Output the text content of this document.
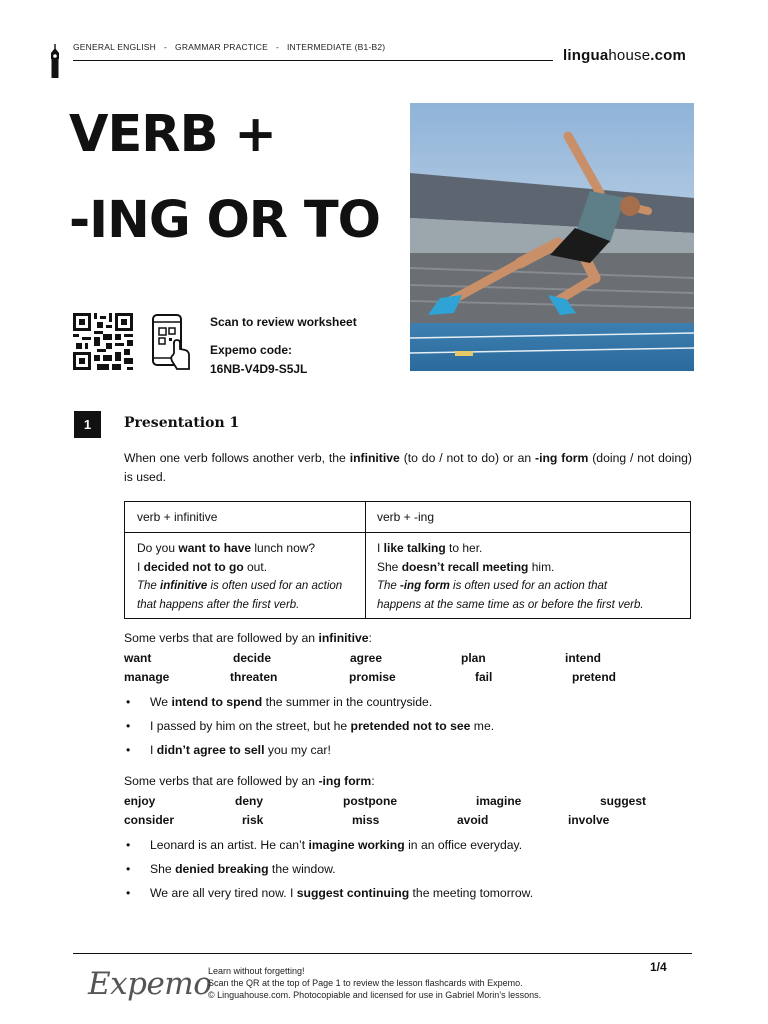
GENERAL ENGLISH - GRAMMAR PRACTICE - INTERMEDIATE (B1-B2)	linguahouse.com
VERB +
-ING OR TO
Scan to review worksheet
Expemo code:
16NB-V4D9-S5JL
1	Presentation 1
When one verb follows another verb, the infinitive (to do / not to do) or an -ing form (doing / not doing) is used.
verb + infinitive	verb + -ing
Do you want to have lunch now?
I decided not to go out.
The infinitive is often used for an action
that happens after the first verb.
I like talking to her.
She doesn’t recall meeting him.
The -ing form is often used for an action that
happens at the same time as or before the first verb.
Some verbs that are followed by an infinitive:
want	decide	agree	plan	intend
manage	threaten	promise	fail	pretend
• We intend to spend the summer in the countryside.
• I passed by him on the street, but he pretended not to see me.
• I didn’t agree to sell you my car!
Some verbs that are followed by an -ing form:
enjoy	deny	postpone	imagine	suggest
consider	risk	miss	avoid	involve
• Leonard is an artist. He can’t imagine working in an office everyday.
• She denied breaking the window.
• We are all very tired now. I suggest continuing the meeting tomorrow.
Expemo
Learn without forgetting!
Scan the QR at the top of Page 1 to review the lesson flashcards with Expemo.
© Linguahouse.com. Photocopiable and licensed for use in Gabriel Morin’s lessons.
1/4
